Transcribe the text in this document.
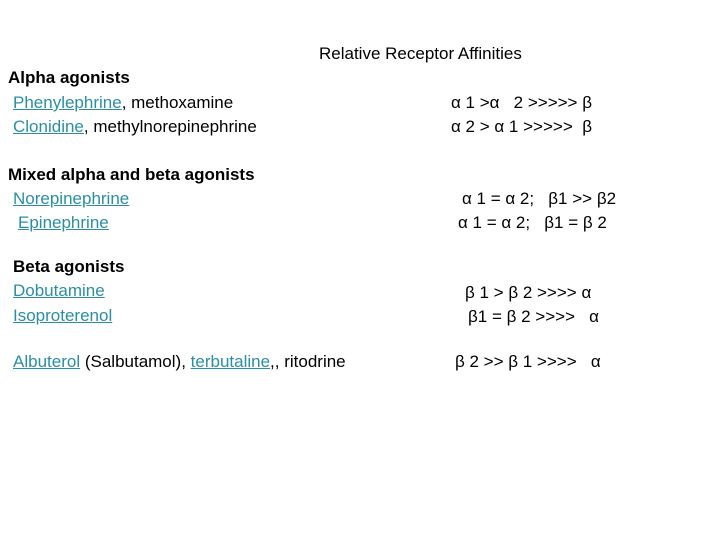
Relative Receptor Affinities
Alpha agonists
Phenylephrine, methoxamine
Clonidine, methylnorepinephrine
α 1 >α   2 >>>>> β
α 2 > α 1 >>>>>  β
Mixed alpha and beta agonists
Norepinephrine
Epinephrine
α 1 = α 2;   β1 >> β2
α 1 = α 2;   β1 = β 2
Beta agonists
Dobutamine
Isoproterenol
β 1 > β 2 >>>> α
β1 = β 2 >>>>   α
Albuterol (Salbutamol), terbutaline,, ritodrine	β 2 >> β 1 >>>>   α
